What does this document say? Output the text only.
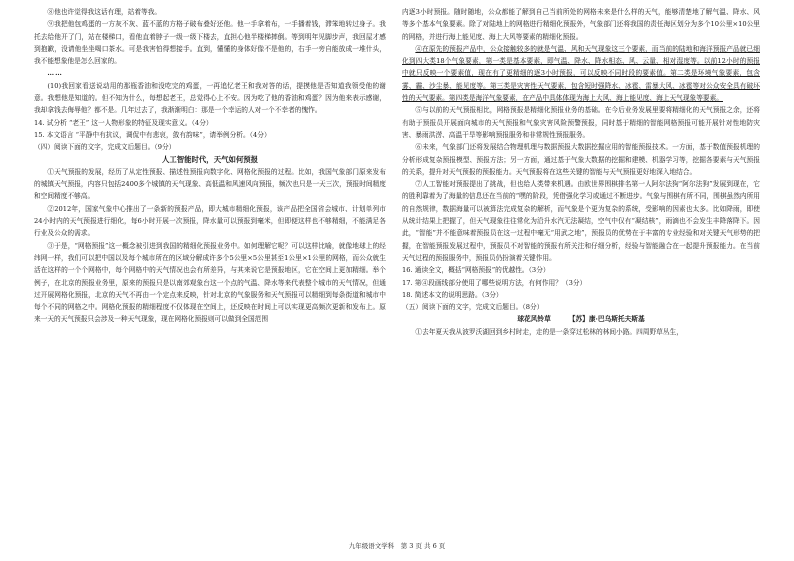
⑧他也许觉得我这话有理，站着等我。

⑨我把他包鸡蛋的一方灰不灰、蓝不蓝的方格子破布叠好还他。他一手拿着布，一手播着钱，滞笨地转过身子。我托去给他开了门，站在楼梯口，看他直着脖子一级一级下楼去，直担心他半楼梯摔倒。等到明年见脚步声，我回屋才感到抱歉，没请他坐坐喝口茶水。可是我害怕得想接手。直到，懂懂的身体好像不是他的，右手一旁自能放成一堆什头，我不能想象他是怎么回家的。

……

(10)我回家看送说动用的那瓶香油和没吃完的鸡蛋，一再追忆老王和我对答的话，提摸他是否知道我领受他的谢意。我想他是知道的。但不知为什么，每想起老王，总觉得心上不安。因为吃了他的香油和鸡蛋？因为他来表示感谢，我却拿钱去侮辱他？都不是。几年过去了，我渐渐明白：那是一个幸运的人对一个不幸者的愧怍。

14. 试分析 “老王” 这一人物形象的特征及现实意义。（4分）

15. 本文语言 “平静中有抗议，调侃中有悲哀，敛有韵味”，请举例分析。（4分）

（四）阅读下面的文字，完成文后题目。（9分）

人工智能时代，天气如何预报

①天气预报的发展，经历了从定性预报、描述性预报向数字化、网格化预报的过程。比如，我国气象部门原来发布的城镇天气预报，内容只包括2400多个城镇的天气现象、高低温和风速风向预报，频次也只是一天三次，预报时间精度和空间精度不够高。

②2012年，国家气象中心推出了一条新的预报产品，即大城市精细化预报，该产品把全国省会城市、计划单列市24小时内的天气预报进行细化，每6小时开展一次预报，降水量可以预报到毫米，但即便这样也不够精细，不能满足各行业及公众的需求。

③于是，“网格预报”这一概念被引进到我国的精细化预报业务中。如何理解它呢？可以这样比喻，就像地球上的经纬网一样，我们可以把中国以及每个城市所在的区域分解成许多个5公里×5公里甚至1公里×1公里的网格，而公众就生活在这样的一个个网格中，每个网格中的天气情况也会有所差异，与其来说它是预报地区，它在空间上更加精细。举个例子，在北京的预报业务里，原来的预报只是以南郊观象台这一个点的气温、降水等来代表整个城市的天气情况，但通过开展网格化预报，北京的天气不再由一个定点来反映，针对北京的气象服务和天气预报可以精细到每条街道和城市中每个不同的网格之中。网格化预报的精细程度不仅体现在空间上，还反映在时间上可以实现更高频次更新和发布上。原来一天的天气预报只会涉及一种天气现象，现在网格化预报则可以做到全国范围

内逐3小时预报。随时随地，公众都能了解到自己当前所处的网格未来是什么样的天气，能够清楚地了解气温、降水、风等多个基本气象要素。除了对陆地上的网格进行精细化预报外，气象部门还将我国的责任海区划分为多个10公里×10公里的网格，并进行海上能见度、海上大风等要素的精细化预报。

④在原先的预报产品中，公众接触较多的就是气温、风和天气现象这三个要素，而当前的陆地和海洋预报产品就已细化到四大类18个气象要素，第一类是基本要素，即气温、降水、降水相态、风、云量、相对湿度等。以前12小时的预报中就只反映一个要素值，现在有了更精细的逐3小时预报，可以反映不同时段的要素值。第二类是环境气象要素，包含雾、霾、沙尘暴、能见度等。第三类是灾害性天气要素，包含短时强降水、冰雹、雷暴大风、冰雹等对公众安全具有破坏性的天气要素。第四类是海洋气象要素，在产品中具体体现为海上大风、海上能见度、海上天气现象等要素。

⑤与以前的天气预报相比，网格预报是精细化预报业务的基础。在今后业务发展里要将精细化的天气预报之余，还将有助于预报员开展面向城市的天气预报和气象灾害风险预警预报，同时基于精细的智能网格预报可能开展针对性地防灾害、暴雨洪涝、高温干旱等影响预报服务和非常规性预报服务。

⑥未来，气象部门还将发展结合物理机理与数据预报大数据挖掘应用的智能预报技术。一方面，基于数值预报机理的分析形成复杂预报模型、预报方法；另一方面，通过基于气象大数据的挖掘和建模、机器学习等，挖掘各要素与天气预报的关系，提升对天气预报的预报能力。天气预报将在这些关键的智能与天气预报更好地深入地结合。

⑦人工智能对预报提出了挑战，但也给人类带来机遇。由欧世界围棋排名第一人阿尔法狗“阿尔法狗”发展到现在，它的胜利靠着为了海量的信息还在当前的“嘿的阶段，凭借强化学习或通过不断进步。气象与围棋有所不同，围棋虽然内所用的自然规律，数据海量可以被算法完成复杂的解析，而气象是个更为复杂的系统，受影响的因素也太多。比如降雨，即使从统计结果上把握了，但天气现象往往常化为沿升水汽无法凝结，空气中仅有“凝结核”，雨滴也不会发生丰降落降下。因此，“智能”并不能意味着预报员在这一过程中毫无“用武之地”，预报员的优势在于丰富的专业经验和对关键天气形势的把握，在智能预报发展过程中，预报员不对智能的预报有所关注和仔细分析，经验与智能融合在一起提升预报能力。在当前天气过程的预报服务中，预报员仍扮演着关键作用。

16. 通读全文，概括“网格预报”的优越性。（3分）

17. 第④段画线部分使用了哪些说明方法，有何作用？（3分）

18. 简述本文的说明思路。（3分）

（五）阅读下面的文字，完成文后题目。（8分）

球花风铃草	【苏】康·巴乌斯托夫斯基

①去年夏天我从波罗沃湖回到乡村时走，走的是一条穿过松林的林间小路。四周野草丛生，

九年级语文学科　第 3 页 共 6 页
